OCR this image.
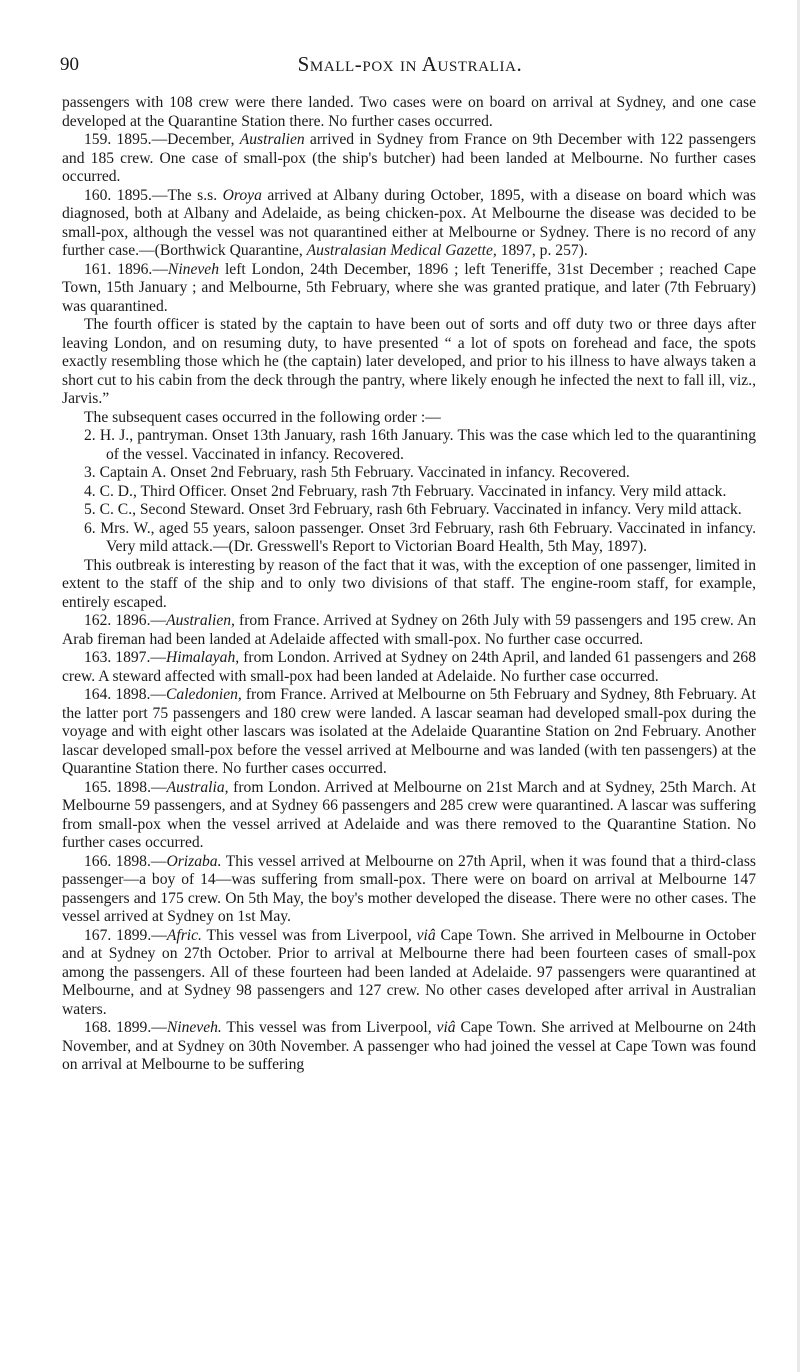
90	Small-pox in Australia.

passengers with 108 crew were there landed. Two cases were on board on arrival at Sydney, and one case developed at the Quarantine Station there. No further cases occurred.

159. 1895.—December, Australien arrived in Sydney from France on 9th December with 122 passengers and 185 crew. One case of small-pox (the ship's butcher) had been landed at Melbourne. No further cases occurred.

160. 1895.—The s.s. Oroya arrived at Albany during October, 1895, with a disease on board which was diagnosed, both at Albany and Adelaide, as being chicken-pox. At Melbourne the disease was decided to be small-pox, although the vessel was not quarantined either at Melbourne or Sydney. There is no record of any further case.—(Borthwick Quarantine, Australasian Medical Gazette, 1897, p. 257).

161. 1896.—Nineveh left London, 24th December, 1896 ; left Teneriffe, 31st December ; reached Cape Town, 15th January ; and Melbourne, 5th February, where she was granted pratique, and later (7th February) was quarantined.

The fourth officer is stated by the captain to have been out of sorts and off duty two or three days after leaving London, and on resuming duty, to have presented “ a lot of spots on forehead and face, the spots exactly resembling those which he (the captain) later developed, and prior to his illness to have always taken a short cut to his cabin from the deck through the pantry, where likely enough he infected the next to fall ill, viz., Jarvis.”

The subsequent cases occurred in the following order :—

2. H. J., pantryman. Onset 13th January, rash 16th January. This was the case which led to the quarantining of the vessel. Vaccinated in infancy. Recovered.

3. Captain A. Onset 2nd February, rash 5th February. Vaccinated in infancy. Recovered.

4. C. D., Third Officer. Onset 2nd February, rash 7th February. Vaccinated in infancy. Very mild attack.

5. C. C., Second Steward. Onset 3rd February, rash 6th February. Vaccinated in infancy. Very mild attack.

6. Mrs. W., aged 55 years, saloon passenger. Onset 3rd February, rash 6th February. Vaccinated in infancy. Very mild attack.—(Dr. Gresswell's Report to Victorian Board Health, 5th May, 1897).

This outbreak is interesting by reason of the fact that it was, with the exception of one passenger, limited in extent to the staff of the ship and to only two divisions of that staff. The engine-room staff, for example, entirely escaped.

162. 1896.—Australien, from France. Arrived at Sydney on 26th July with 59 passengers and 195 crew. An Arab fireman had been landed at Adelaide affected with small-pox. No further case occurred.

163. 1897.—Himalayah, from London. Arrived at Sydney on 24th April, and landed 61 passengers and 268 crew. A steward affected with small-pox had been landed at Adelaide. No further case occurred.

164. 1898.—Caledonien, from France. Arrived at Melbourne on 5th February and Sydney, 8th February. At the latter port 75 passengers and 180 crew were landed. A lascar seaman had developed small-pox during the voyage and with eight other lascars was isolated at the Adelaide Quarantine Station on 2nd February. Another lascar developed small-pox before the vessel arrived at Melbourne and was landed (with ten passengers) at the Quarantine Station there. No further cases occurred.

165. 1898.—Australia, from London. Arrived at Melbourne on 21st March and at Sydney, 25th March. At Melbourne 59 passengers, and at Sydney 66 passengers and 285 crew were quarantined. A lascar was suffering from small-pox when the vessel arrived at Adelaide and was there removed to the Quarantine Station. No further cases occurred.

166. 1898.—Orizaba. This vessel arrived at Melbourne on 27th April, when it was found that a third-class passenger—a boy of 14—was suffering from small-pox. There were on board on arrival at Melbourne 147 passengers and 175 crew. On 5th May, the boy's mother developed the disease. There were no other cases. The vessel arrived at Sydney on 1st May.

167. 1899.—Afric. This vessel was from Liverpool, viâ Cape Town. She arrived in Melbourne in October and at Sydney on 27th October. Prior to arrival at Melbourne there had been fourteen cases of small-pox among the passengers. All of these fourteen had been landed at Adelaide. 97 passengers were quarantined at Melbourne, and at Sydney 98 passengers and 127 crew. No other cases developed after arrival in Australian waters.

168. 1899.—Nineveh. This vessel was from Liverpool, viâ Cape Town. She arrived at Melbourne on 24th November, and at Sydney on 30th November. A passenger who had joined the vessel at Cape Town was found on arrival at Melbourne to be suffering
